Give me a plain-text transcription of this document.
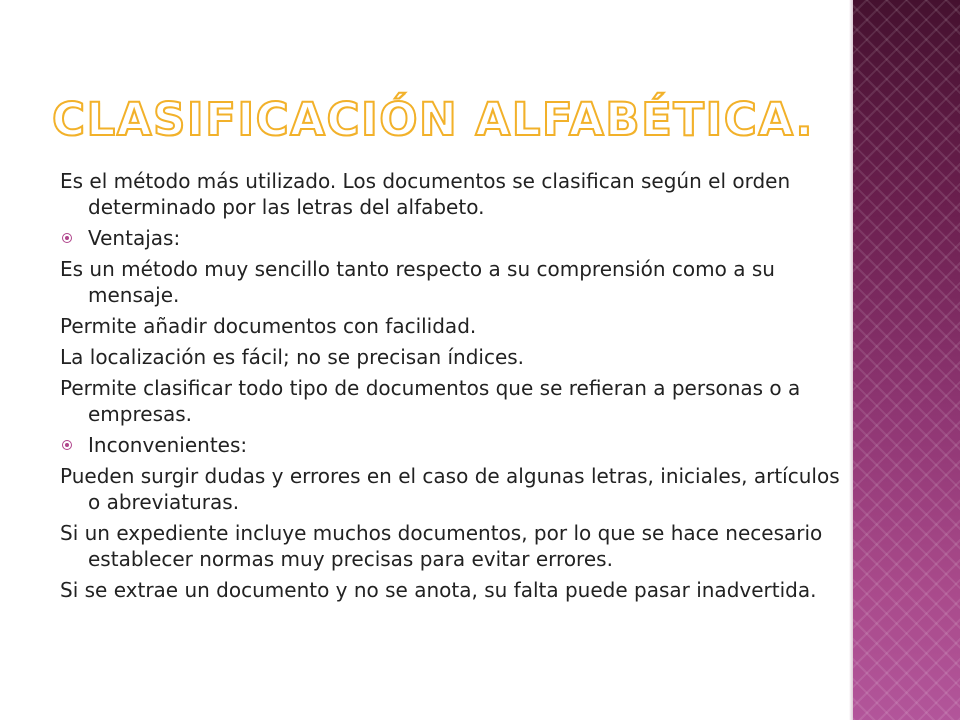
CLASIFICACIÓN ALFABÉTICA.

Es el método más utilizado. Los documentos se clasifican según el orden determinado por las letras del alfabeto.

Ventajas:

Es un método muy sencillo tanto respecto a su comprensión como a su mensaje.

Permite añadir documentos con facilidad.

La localización es fácil; no se precisan índices.

Permite clasificar todo tipo de documentos que se refieran a personas o a empresas.

Inconvenientes:

Pueden surgir dudas y errores en el caso de algunas letras, iniciales, artículos o abreviaturas.

Si un expediente incluye muchos documentos, por lo que se hace necesario establecer normas muy precisas para evitar errores.

Si se extrae un documento y no se anota, su falta puede pasar inadvertida.
